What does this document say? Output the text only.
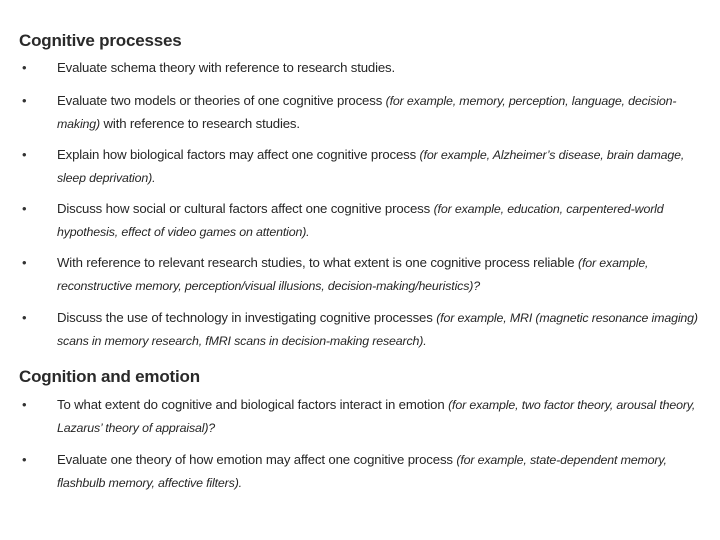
Cognitive processes
• Evaluate schema theory with reference to research studies.
• Evaluate two models or theories of one cognitive process (for example, memory, perception, language, decision-making) with reference to research studies.
• Explain how biological factors may affect one cognitive process (for example, Alzheimer’s disease, brain damage, sleep deprivation).
• Discuss how social or cultural factors affect one cognitive process (for example, education, carpentered-world hypothesis, effect of video games on attention).
• With reference to relevant research studies, to what extent is one cognitive process reliable (for example, reconstructive memory, perception/visual illusions, decision-making/heuristics)?
• Discuss the use of technology in investigating cognitive processes (for example, MRI (magnetic resonance imaging) scans in memory research, fMRI scans in decision-making research).
Cognition and emotion
• To what extent do cognitive and biological factors interact in emotion (for example, two factor theory, arousal theory, Lazarus’ theory of appraisal)?
• Evaluate one theory of how emotion may affect one cognitive process (for example, state-dependent memory, flashbulb memory, affective filters).
